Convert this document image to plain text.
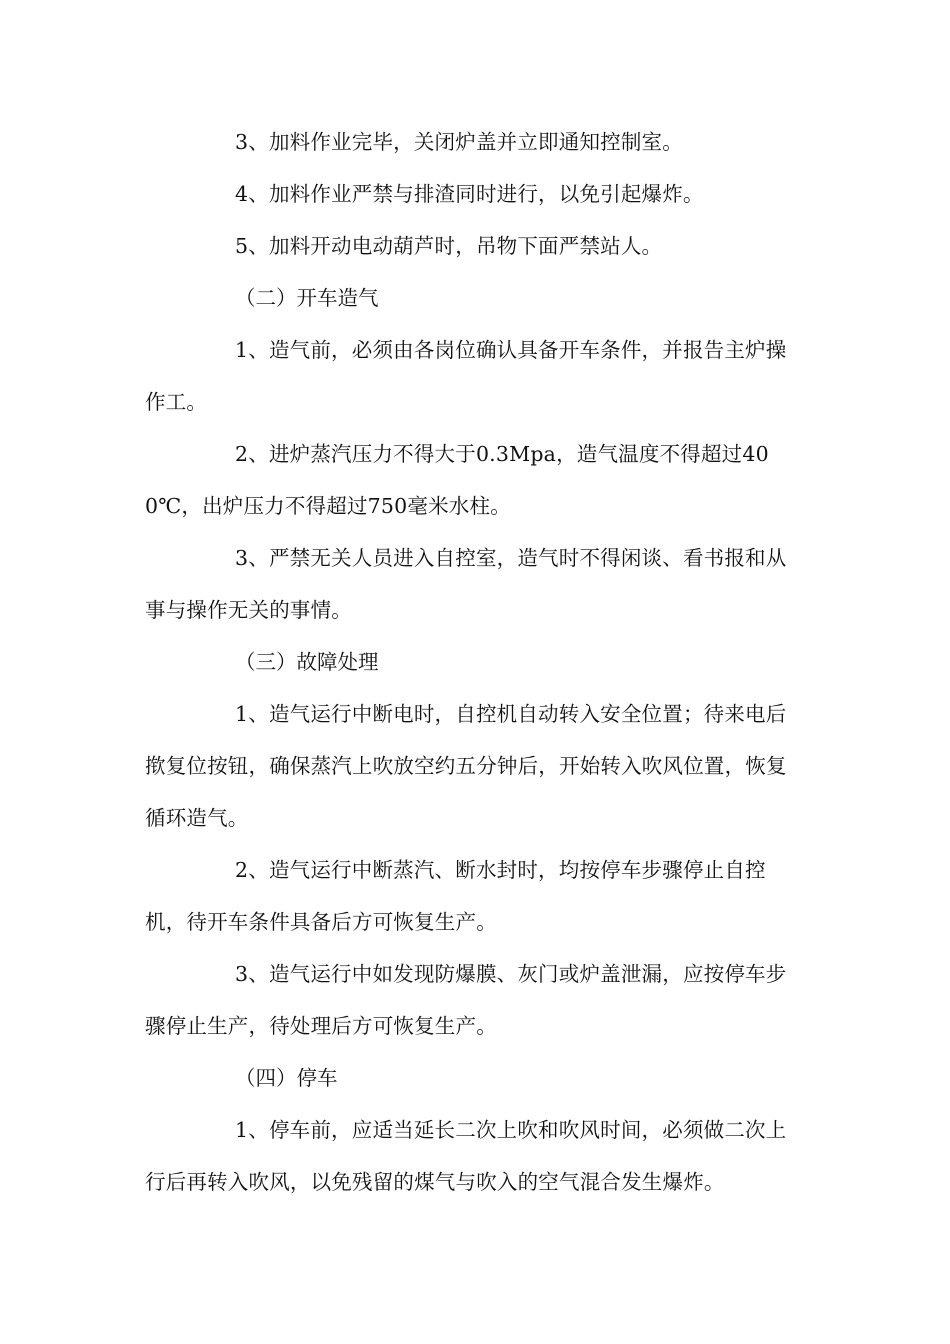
3、加料作业完毕，关闭炉盖并立即通知控制室。

4、加料作业严禁与排渣同时进行，以免引起爆炸。

5、加料开动电动葫芦时，吊物下面严禁站人。

（二）开车造气

1、造气前，必须由各岗位确认具备开车条件，并报告主炉操作工。

2、进炉蒸汽压力不得大于0.3Mpa，造气温度不得超过400℃，出炉压力不得超过750毫米水柱。

3、严禁无关人员进入自控室，造气时不得闲谈、看书报和从事与操作无关的事情。

（三）故障处理

1、造气运行中断电时，自控机自动转入安全位置；待来电后揿复位按钮，确保蒸汽上吹放空约五分钟后，开始转入吹风位置，恢复循环造气。

2、造气运行中断蒸汽、断水封时，均按停车步骤停止自控机，待开车条件具备后方可恢复生产。

3、造气运行中如发现防爆膜、灰门或炉盖泄漏，应按停车步骤停止生产，待处理后方可恢复生产。

（四）停车

1、停车前，应适当延长二次上吹和吹风时间，必须做二次上行后再转入吹风，以免残留的煤气与吹入的空气混合发生爆炸。
